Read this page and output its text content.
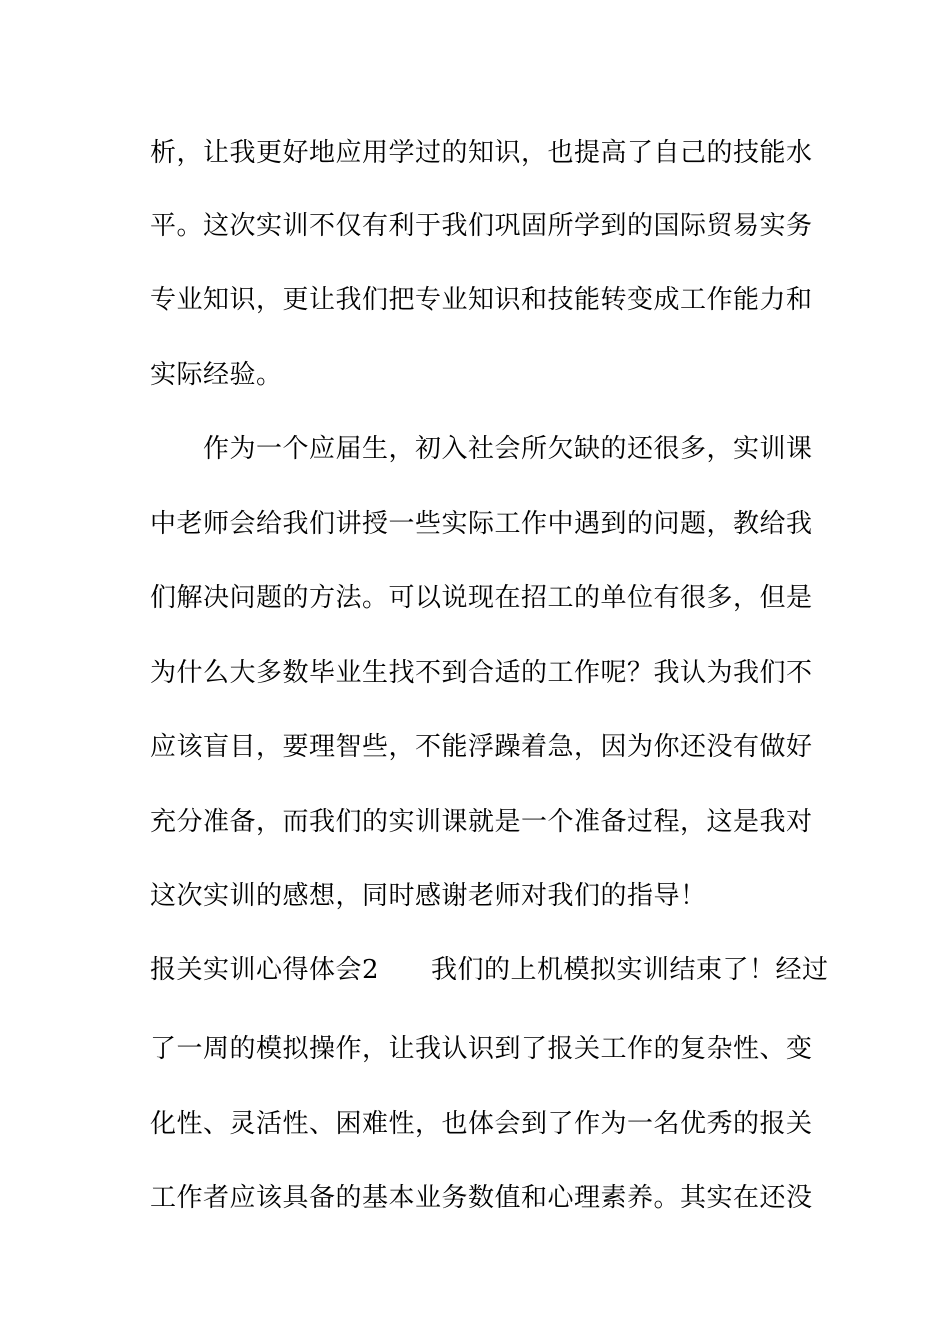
析，让我更好地应用学过的知识，也提高了自己的技能水
平。这次实训不仅有利于我们巩固所学到的国际贸易实务
专业知识，更让我们把专业知识和技能转变成工作能力和
实际经验。
作为一个应届生，初入社会所欠缺的还很多，实训课
中老师会给我们讲授一些实际工作中遇到的问题，教给我
们解决问题的方法。可以说现在招工的单位有很多，但是
为什么大多数毕业生找不到合适的工作呢？我认为我们不
应该盲目，要理智些，不能浮躁着急，因为你还没有做好
充分准备，而我们的实训课就是一个准备过程，这是我对
这次实训的感想，同时感谢老师对我们的指导！
报关实训心得体会2 我们的上机模拟实训结束了！经过
了一周的模拟操作，让我认识到了报关工作的复杂性、变
化性、灵活性、困难性，也体会到了作为一名优秀的报关
工作者应该具备的基本业务数值和心理素养。其实在还没
